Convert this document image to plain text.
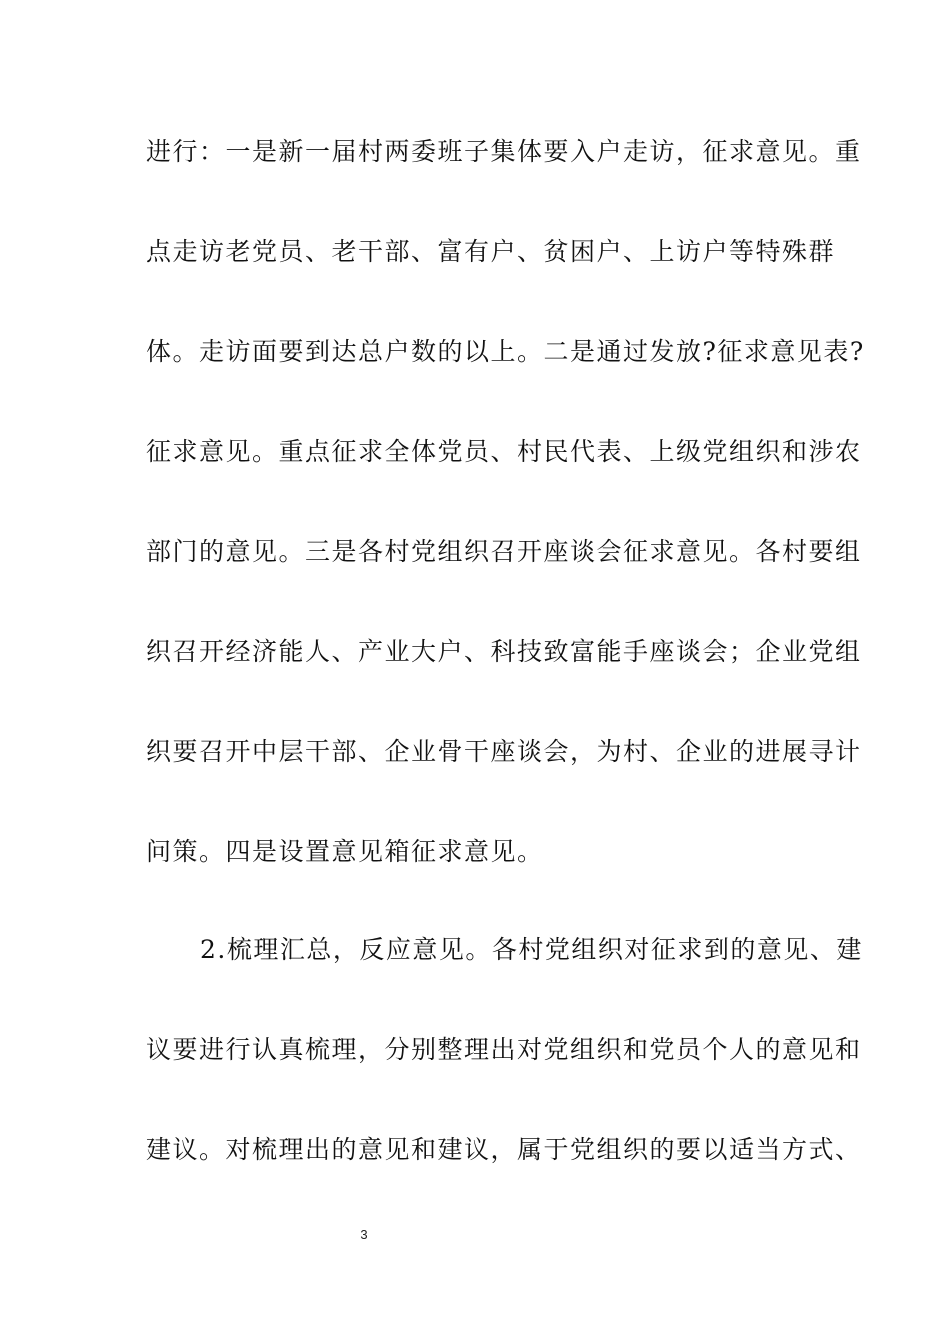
进行：一是新一届村两委班子集体要入户走访，征求意见。重
点走访老党员、老干部、富有户、贫困户、上访户等特殊群
体。走访面要到达总户数的以上。二是通过发放?征求意见表?
征求意见。重点征求全体党员、村民代表、上级党组织和涉农
部门的意见。三是各村党组织召开座谈会征求意见。各村要组
织召开经济能人、产业大户、科技致富能手座谈会；企业党组
织要召开中层干部、企业骨干座谈会，为村、企业的进展寻计
问策。四是设置意见箱征求意见。
2.梳理汇总，反应意见。各村党组织对征求到的意见、建
议要进行认真梳理，分别整理出对党组织和党员个人的意见和
建议。对梳理出的意见和建议，属于党组织的要以适当方式、
3
